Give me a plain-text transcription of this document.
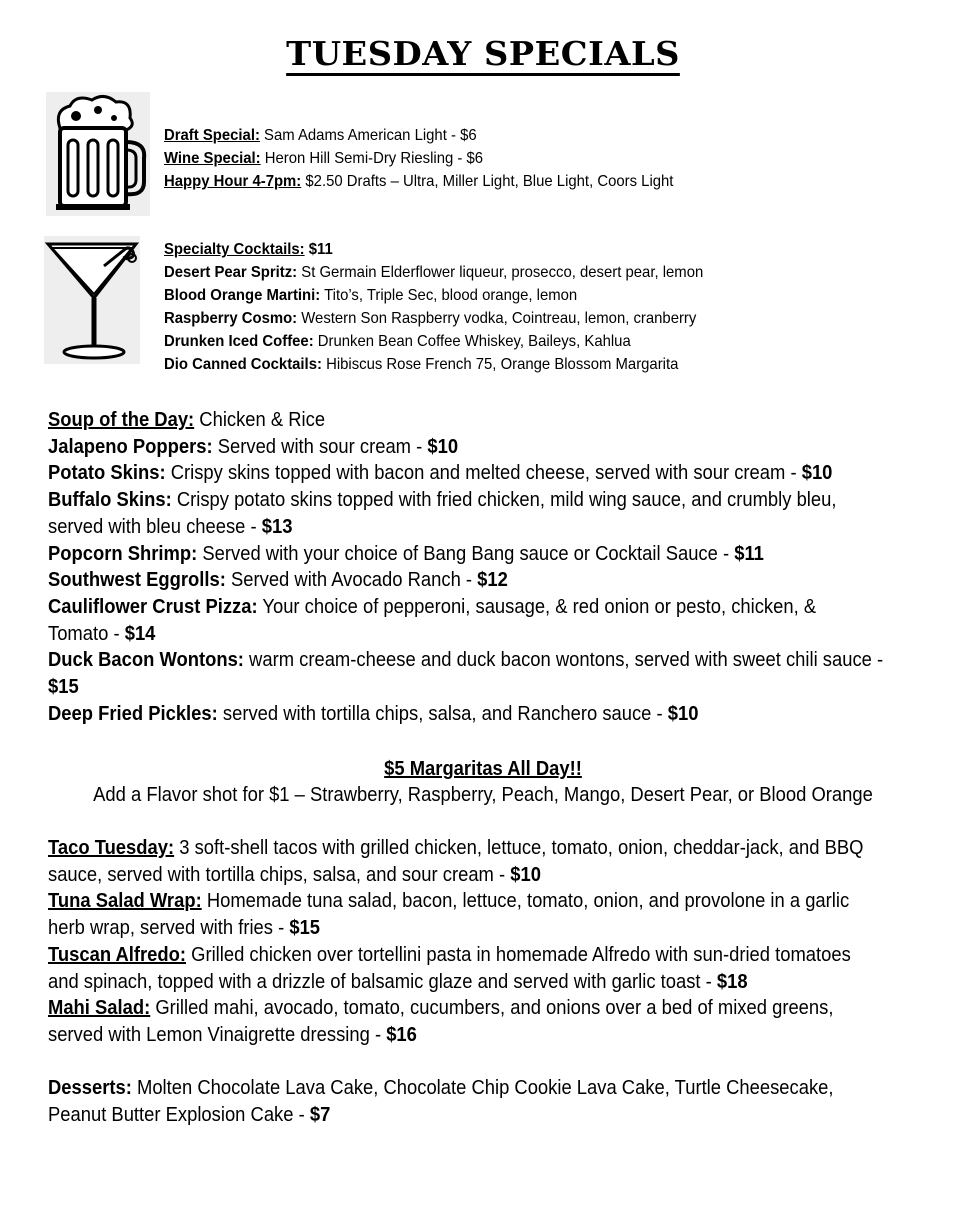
TUESDAY SPECIALS
Draft Special: Sam Adams American Light - $6
Wine Special: Heron Hill Semi-Dry Riesling - $6
Happy Hour 4-7pm: $2.50 Drafts – Ultra, Miller Light, Blue Light, Coors Light
Specialty Cocktails: $11
Desert Pear Spritz: St Germain Elderflower liqueur, prosecco, desert pear, lemon
Blood Orange Martini: Tito’s, Triple Sec, blood orange, lemon
Raspberry Cosmo: Western Son Raspberry vodka, Cointreau, lemon, cranberry
Drunken Iced Coffee: Drunken Bean Coffee Whiskey, Baileys, Kahlua
Dio Canned Cocktails: Hibiscus Rose French 75, Orange Blossom Margarita
Soup of the Day: Chicken & Rice
Jalapeno Poppers: Served with sour cream - $10
Potato Skins: Crispy skins topped with bacon and melted cheese, served with sour cream - $10
Buffalo Skins: Crispy potato skins topped with fried chicken, mild wing sauce, and crumbly bleu,
served with bleu cheese - $13
Popcorn Shrimp: Served with your choice of Bang Bang sauce or Cocktail Sauce - $11
Southwest Eggrolls: Served with Avocado Ranch - $12
Cauliflower Crust Pizza: Your choice of pepperoni, sausage, & red onion or pesto, chicken, &
Tomato - $14
Duck Bacon Wontons: warm cream-cheese and duck bacon wontons, served with sweet chili sauce -
$15
Deep Fried Pickles: served with tortilla chips, salsa, and Ranchero sauce - $10
$5 Margaritas All Day!!
Add a Flavor shot for $1 – Strawberry, Raspberry, Peach, Mango, Desert Pear, or Blood Orange
Taco Tuesday: 3 soft-shell tacos with grilled chicken, lettuce, tomato, onion, cheddar-jack, and BBQ
sauce, served with tortilla chips, salsa, and sour cream - $10
Tuna Salad Wrap: Homemade tuna salad, bacon, lettuce, tomato, onion, and provolone in a garlic
herb wrap, served with fries - $15
Tuscan Alfredo: Grilled chicken over tortellini pasta in homemade Alfredo with sun-dried tomatoes
and spinach, topped with a drizzle of balsamic glaze and served with garlic toast - $18
Mahi Salad: Grilled mahi, avocado, tomato, cucumbers, and onions over a bed of mixed greens,
served with Lemon Vinaigrette dressing - $16
Desserts: Molten Chocolate Lava Cake, Chocolate Chip Cookie Lava Cake, Turtle Cheesecake,
Peanut Butter Explosion Cake - $7
